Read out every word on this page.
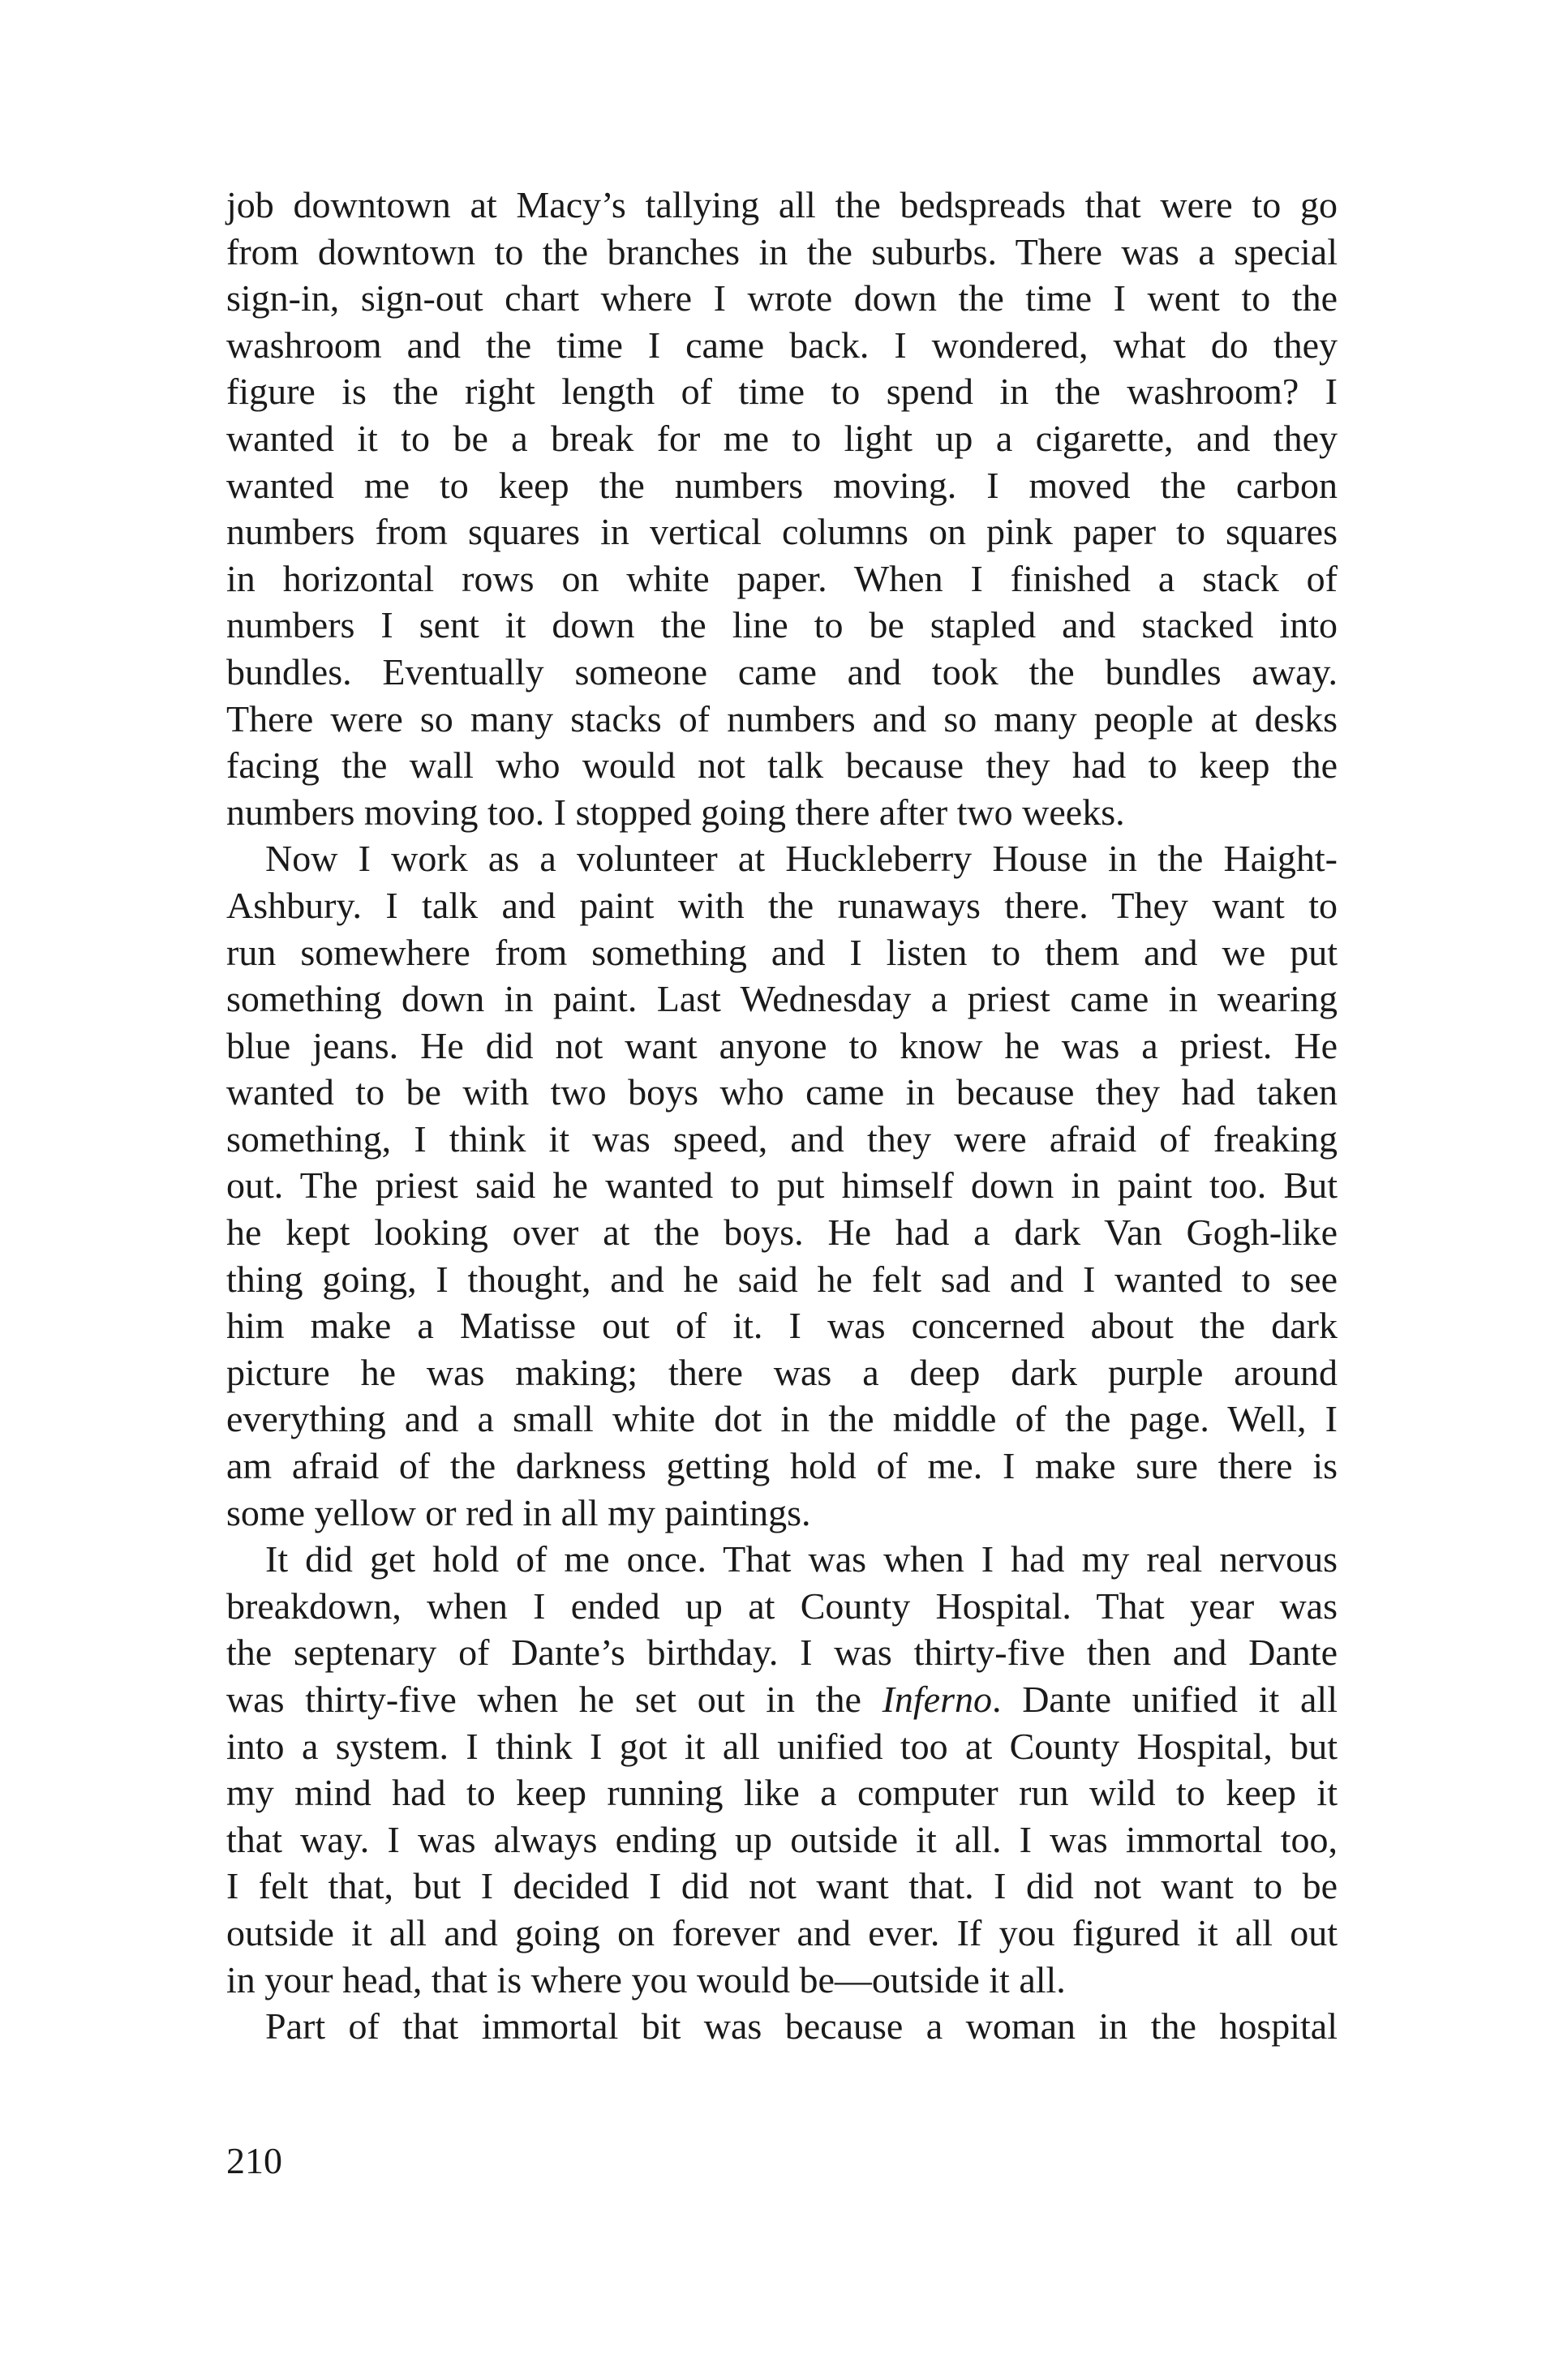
job downtown at Macy’s tallying all the bedspreads that were to go
from downtown to the branches in the suburbs. There was a special
sign-in, sign-out chart where I wrote down the time I went to the
washroom and the time I came back. I wondered, what do they
figure is the right length of time to spend in the washroom? I
wanted it to be a break for me to light up a cigarette, and they
wanted me to keep the numbers moving. I moved the carbon
numbers from squares in vertical columns on pink paper to squares
in horizontal rows on white paper. When I finished a stack of
numbers I sent it down the line to be stapled and stacked into
bundles. Eventually someone came and took the bundles away.
There were so many stacks of numbers and so many people at desks
facing the wall who would not talk because they had to keep the
numbers moving too. I stopped going there after two weeks.
Now I work as a volunteer at Huckleberry House in the Haight-
Ashbury. I talk and paint with the runaways there. They want to
run somewhere from something and I listen to them and we put
something down in paint. Last Wednesday a priest came in wearing
blue jeans. He did not want anyone to know he was a priest. He
wanted to be with two boys who came in because they had taken
something, I think it was speed, and they were afraid of freaking
out. The priest said he wanted to put himself down in paint too. But
he kept looking over at the boys. He had a dark Van Gogh-like
thing going, I thought, and he said he felt sad and I wanted to see
him make a Matisse out of it. I was concerned about the dark
picture he was making; there was a deep dark purple around
everything and a small white dot in the middle of the page. Well, I
am afraid of the darkness getting hold of me. I make sure there is
some yellow or red in all my paintings.
It did get hold of me once. That was when I had my real nervous
breakdown, when I ended up at County Hospital. That year was
the septenary of Dante’s birthday. I was thirty-five then and Dante
was thirty-five when he set out in the Inferno. Dante unified it all
into a system. I think I got it all unified too at County Hospital, but
my mind had to keep running like a computer run wild to keep it
that way. I was always ending up outside it all. I was immortal too,
I felt that, but I decided I did not want that. I did not want to be
outside it all and going on forever and ever. If you figured it all out
in your head, that is where you would be—outside it all.
Part of that immortal bit was because a woman in the hospital
210
